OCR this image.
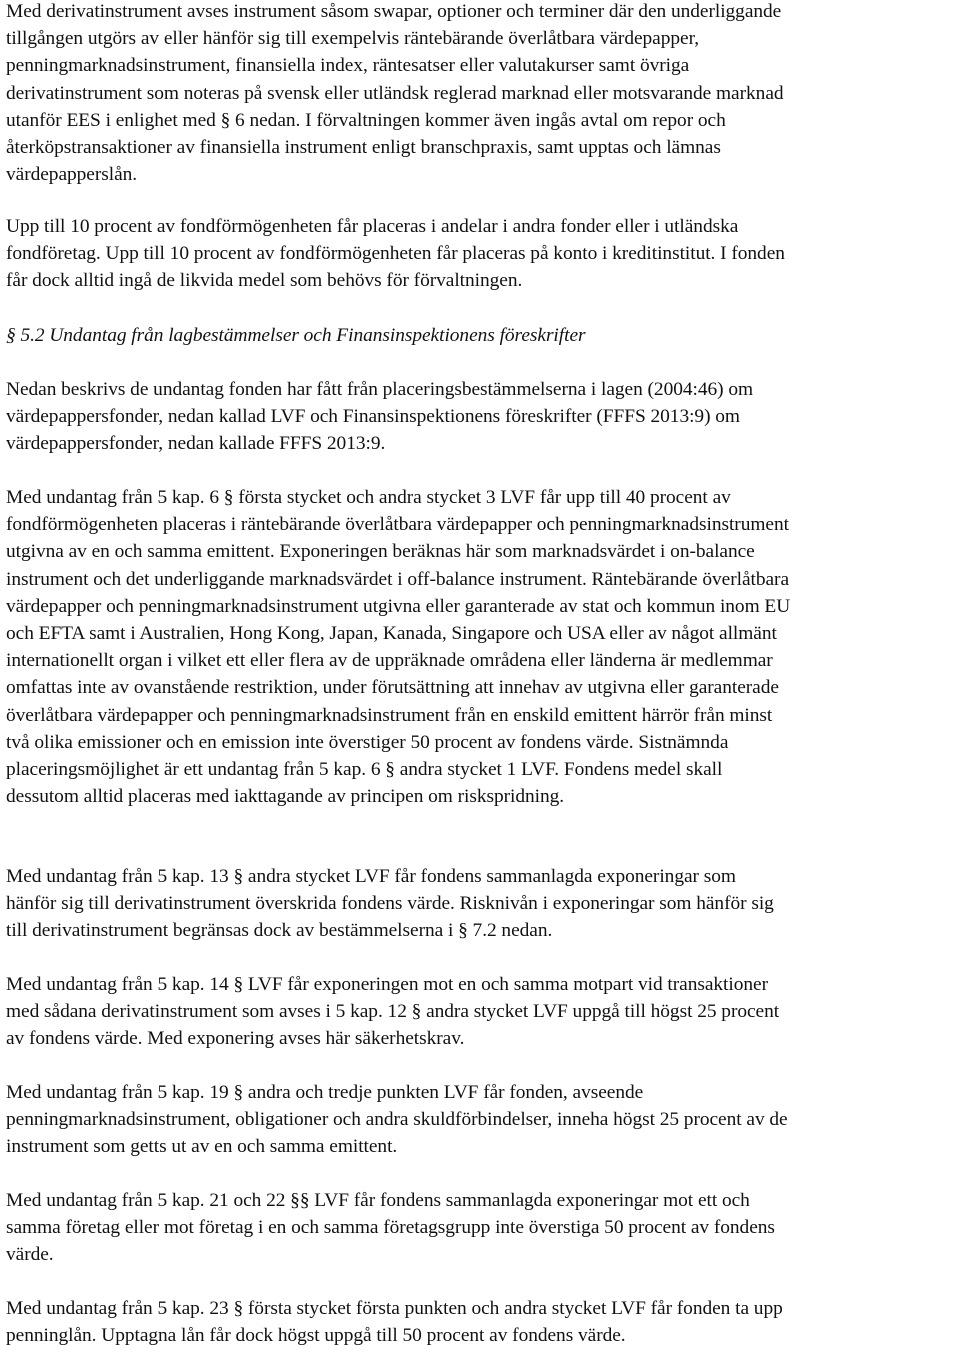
Med derivatinstrument avses instrument såsom swapar, optioner och terminer där den underliggande
tillgången utgörs av eller hänför sig till exempelvis räntebärande överlåtbara värdepapper,
penningmarknadsinstrument, finansiella index, räntesatser eller valutakurser samt övriga
derivatinstrument som noteras på svensk eller utländsk reglerad marknad eller motsvarande marknad
utanför EES i enlighet med § 6 nedan. I förvaltningen kommer även ingås avtal om repor och
återköpstransaktioner av finansiella instrument enligt branschpraxis, samt upptas och lämnas
värdepapperslån.
Upp till 10 procent av fondförmögenheten får placeras i andelar i andra fonder eller i utländska
fondföretag. Upp till 10 procent av fondförmögenheten får placeras på konto i kreditinstitut. I fonden
får dock alltid ingå de likvida medel som behövs för förvaltningen.
§ 5.2 Undantag från lagbestämmelser och Finansinspektionens föreskrifter
Nedan beskrivs de undantag fonden har fått från placeringsbestämmelserna i lagen (2004:46) om
värdepappersfonder, nedan kallad LVF och Finansinspektionens föreskrifter (FFFS 2013:9) om
värdepappersfonder, nedan kallade FFFS 2013:9.
Med undantag från 5 kap. 6 § första stycket och andra stycket 3 LVF får upp till 40 procent av
fondförmögenheten placeras i räntebärande överlåtbara värdepapper och penningmarknadsinstrument
utgivna av en och samma emittent. Exponeringen beräknas här som marknadsvärdet i on-balance
instrument och det underliggande marknadsvärdet i off-balance instrument. Räntebärande överlåtbara
värdepapper och penningmarknadsinstrument utgivna eller garanterade av stat och kommun inom EU
och EFTA samt i Australien, Hong Kong, Japan, Kanada, Singapore och USA eller av något allmänt
internationellt organ i vilket ett eller flera av de uppräknade områdena eller länderna är medlemmar
omfattas inte av ovanstående restriktion, under förutsättning att innehav av utgivna eller garanterade
överlåtbara värdepapper och penningmarknadsinstrument från en enskild emittent härrör från minst
två olika emissioner och en emission inte överstiger 50 procent av fondens värde. Sistnämnda
placeringsmöjlighet är ett undantag från 5 kap. 6 § andra stycket 1 LVF. Fondens medel skall
dessutom alltid placeras med iakttagande av principen om riskspridning.
Med undantag från 5 kap. 13 § andra stycket LVF får fondens sammanlagda exponeringar som
hänför sig till derivatinstrument överskrida fondens värde. Risknivån i exponeringar som hänför sig
till derivatinstrument begränsas dock av bestämmelserna i § 7.2 nedan.
Med undantag från 5 kap. 14 § LVF får exponeringen mot en och samma motpart vid transaktioner
med sådana derivatinstrument som avses i 5 kap. 12 § andra stycket LVF uppgå till högst 25 procent
av fondens värde. Med exponering avses här säkerhetskrav.
Med undantag från 5 kap. 19 § andra och tredje punkten LVF får fonden, avseende
penningmarknadsinstrument, obligationer och andra skuldförbindelser, inneha högst 25 procent av de
instrument som getts ut av en och samma emittent.
Med undantag från 5 kap. 21 och 22 §§ LVF får fondens sammanlagda exponeringar mot ett och
samma företag eller mot företag i en och samma företagsgrupp inte överstiga 50 procent av fondens
värde.
Med undantag från 5 kap. 23 § första stycket första punkten och andra stycket LVF får fonden ta upp
penninglån. Upptagna lån får dock högst uppgå till 50 procent av fondens värde.
